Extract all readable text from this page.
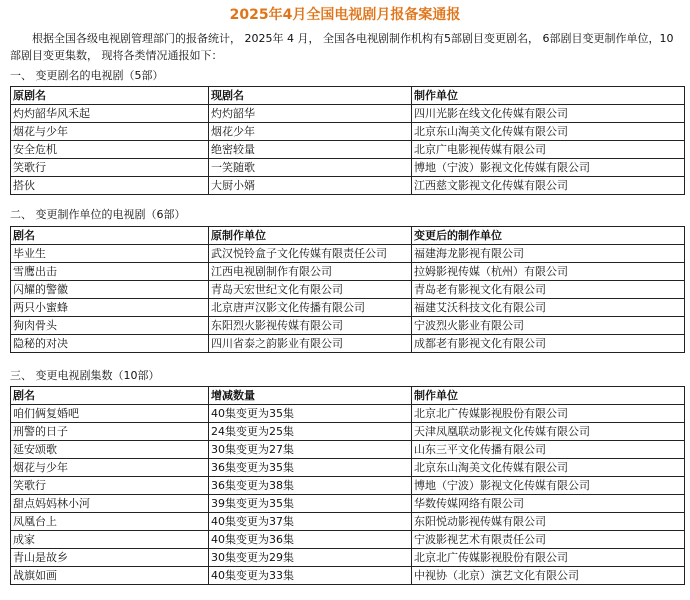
2025年4月全国电视剧月报备案通报

根据全国各级电视剧管理部门的报备统计， 2025年 4 月， 全国各电视剧制作机构有5部剧目变更剧名， 6部剧目变更制作单位，10部剧目变更集数， 现将各类情况通报如下：

一、 变更剧名的电视剧（5部）
原剧名	现剧名	制作单位
灼灼韶华风禾起	灼灼韶华	四川光影在线文化传媒有限公司
烟花与少年	烟花少年	北京东山淘美文化传媒有限公司
安全危机	绝密较量	北京广电影视传媒有限公司
笑歌行	一笑随歌	博地（宁波）影视文化传媒有限公司
搭伙	大厨小婿	江西慈文影视文化传媒有限公司
二、 变更制作单位的电视剧（6部）
剧名	原制作单位	变更后的制作单位
毕业生	武汉悦铃盒子文化传媒有限责任公司	福建海龙影视有限公司
雪鹰出击	江西电视剧制作有限公司	拉姆影视传媒（杭州）有限公司
闪耀的警徽	青岛天宏世纪文化有限公司	青岛老有影视文化有限公司
两只小蜜蜂	北京唐声汉影文化传播有限公司	福建艾沃科技文化有限公司
狗肉骨头	东阳烈火影视传媒有限公司	宁波烈火影业有限公司
隐秘的对决	四川省泰之韵影业有限公司	成都老有影视文化有限公司
三、 变更电视剧集数（10部）
剧名	增减数量	制作单位
咱们俩复婚吧	40集变更为35集	北京北广传媒影视股份有限公司
刑警的日子	24集变更为25集	天津凤凰联动影视文化传媒有限公司
延安颂歌	30集变更为27集	山东三平文化传播有限公司
烟花与少年	36集变更为35集	北京东山淘美文化传媒有限公司
笑歌行	36集变更为38集	博地（宁波）影视文化传媒有限公司
甜点妈妈林小河	39集变更为35集	华数传媒网络有限公司
凤凰台上	40集变更为37集	东阳悦动影视传媒有限公司
成家	40集变更为36集	宁波影视艺术有限责任公司
青山是故乡	30集变更为29集	北京北广传媒影视股份有限公司
战旗如画	40集变更为33集	中视协（北京）演艺文化有限公司
